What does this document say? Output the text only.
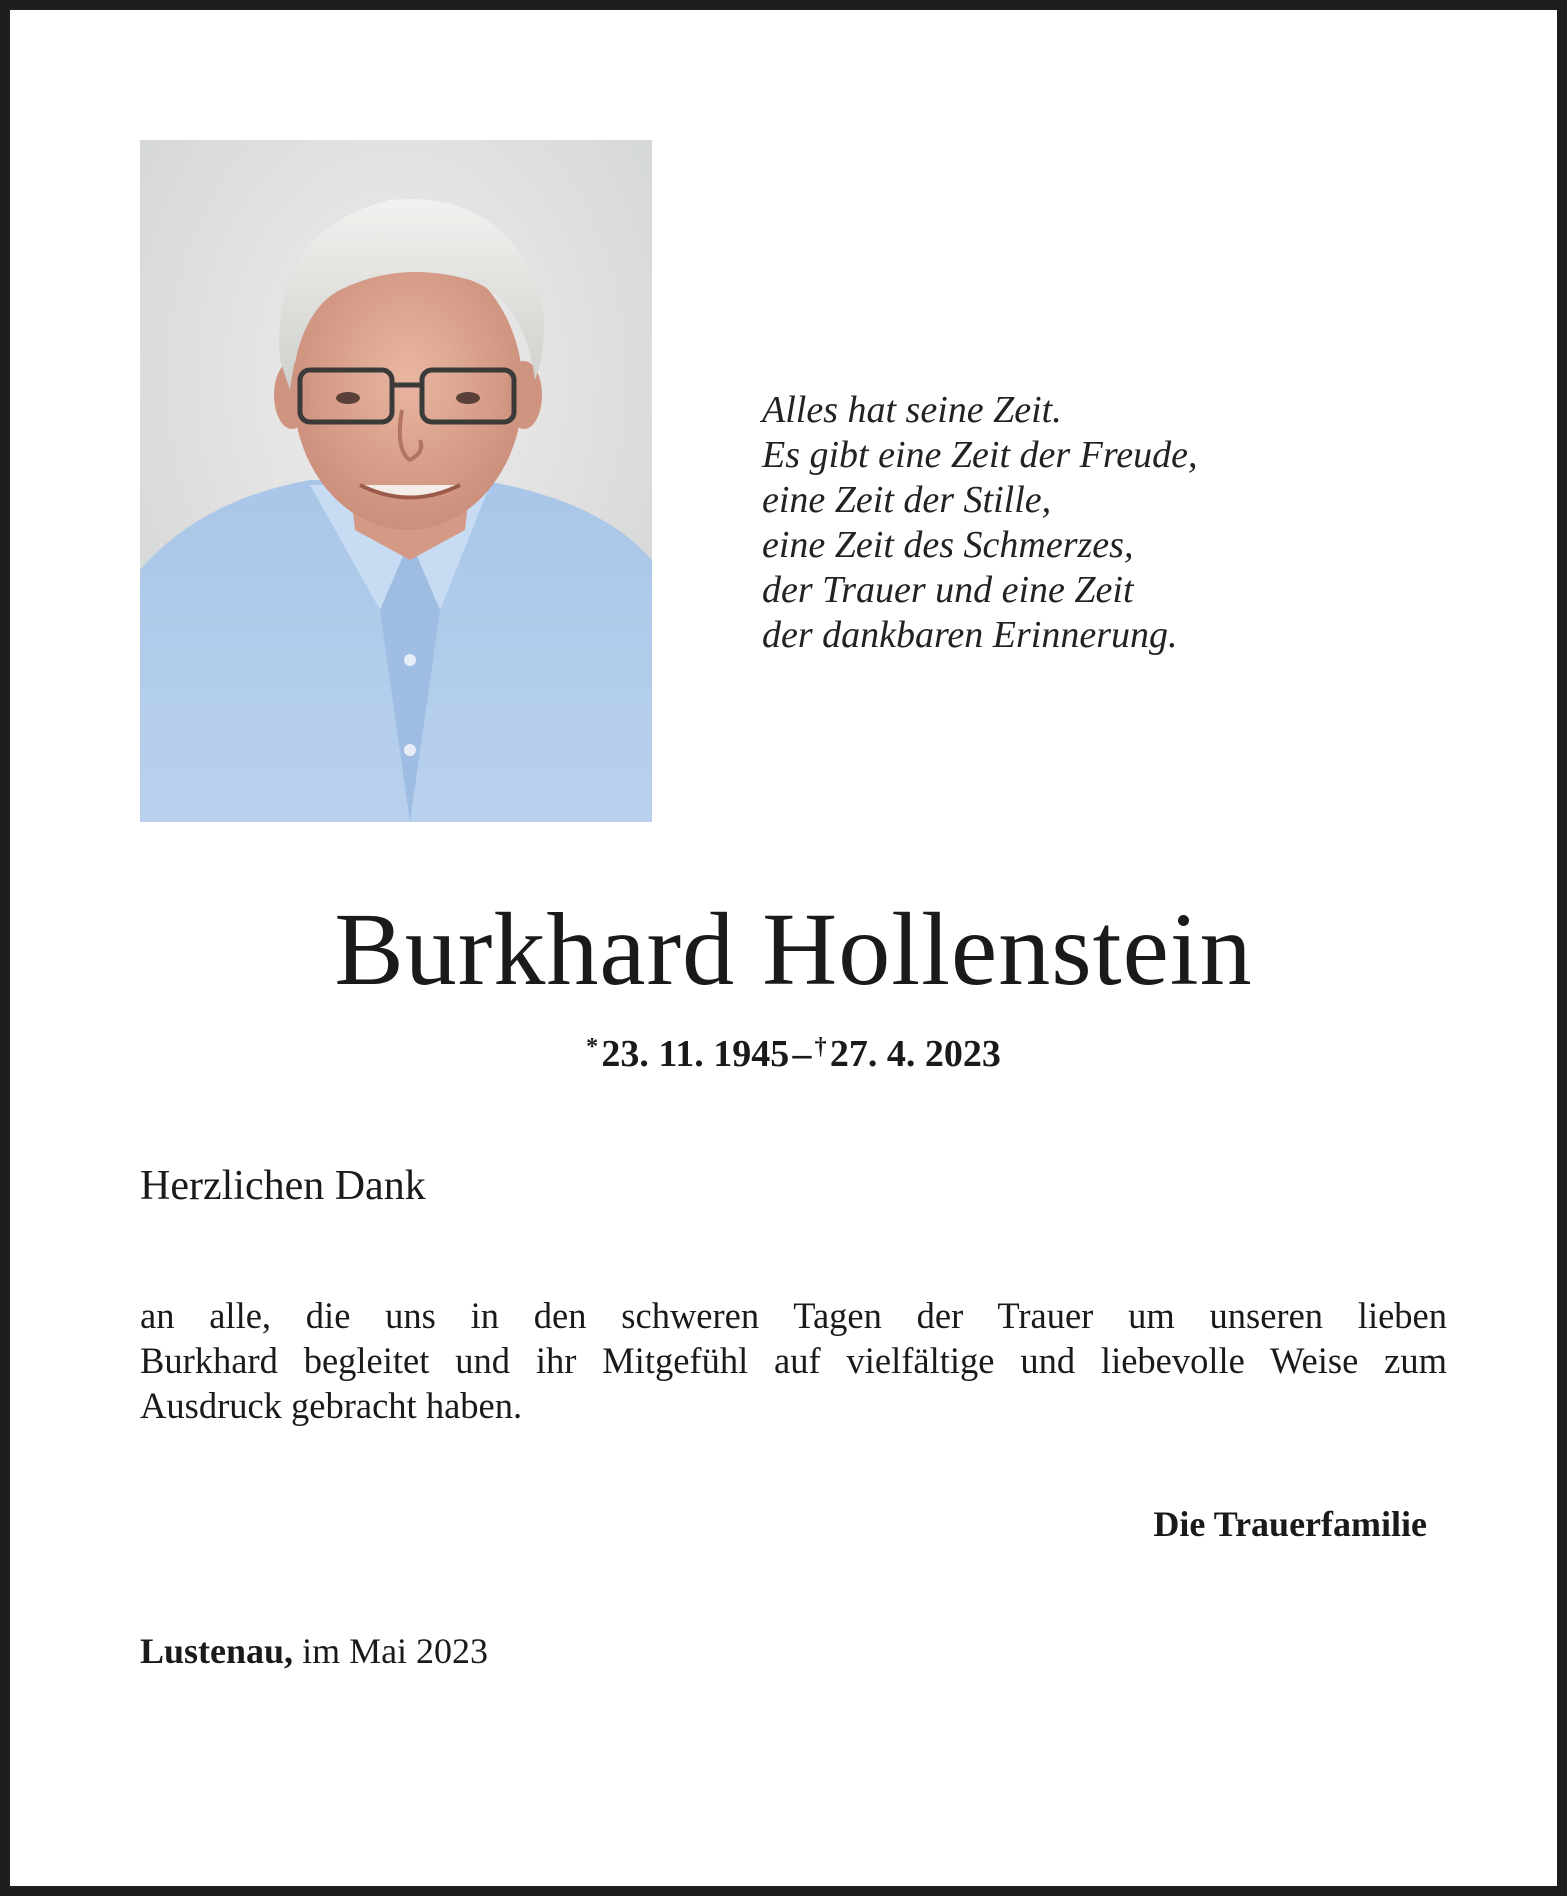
Alles hat seine Zeit.
Es gibt eine Zeit der Freude,
eine Zeit der Stille,
eine Zeit des Schmerzes,
der Trauer und eine Zeit
der dankbaren Erinnerung.
Burkhard Hollenstein
* 23. 11. 1945 –  † 27. 4. 2023
Herzlichen Dank
an alle, die uns in den schweren Tagen der Trauer um unseren lieben
Burkhard begleitet und ihr Mitgefühl auf vielfältige und liebevolle Weise zum
Ausdruck gebracht haben.
Die Trauerfamilie
Lustenau, im Mai 2023
